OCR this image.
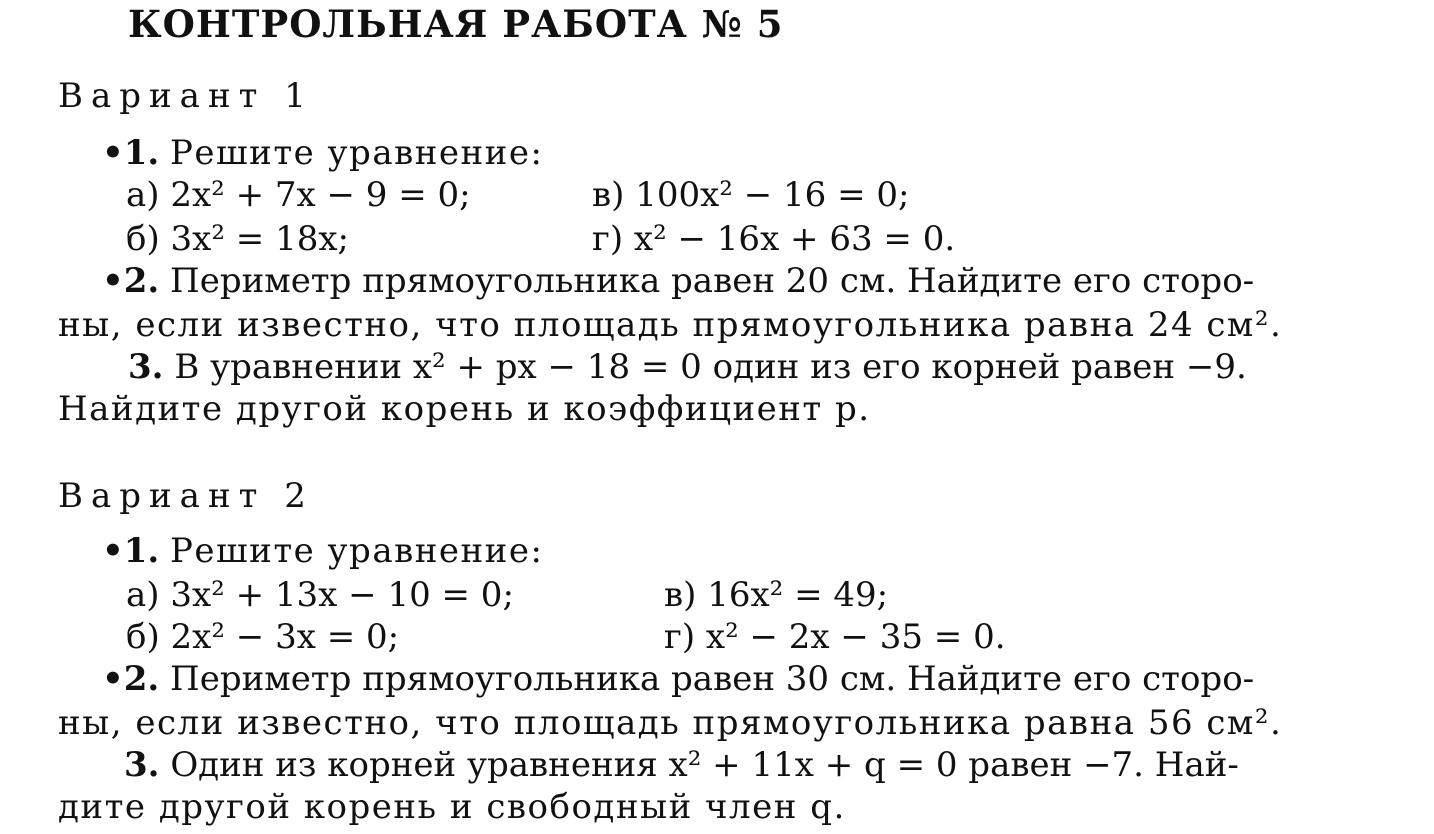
КОНТРОЛЬНАЯ РАБОТА № 5
Вариант 1
•1. Решите уравнение:
а) 2x² + 7x − 9 = 0;
б) 3x² = 18x;
в) 100x² − 16 = 0;
г) x² − 16x + 63 = 0.
•2. Периметр прямоугольника равен 20 см. Найдите его сторо-
ны, если известно, что площадь прямоугольника равна 24 см².
3. В уравнении x² + px − 18 = 0 один из его корней равен −9.
Найдите другой корень и коэффициент p.
Вариант 2
•1. Решите уравнение:
а) 3x² + 13x − 10 = 0;
б) 2x² − 3x = 0;
в) 16x² = 49;
г) x² − 2x − 35 = 0.
•2. Периметр прямоугольника равен 30 см. Найдите его сторо-
ны, если известно, что площадь прямоугольника равна 56 см².
3. Один из корней уравнения x² + 11x + q = 0 равен −7. Най-
дите другой корень и свободный член q.
